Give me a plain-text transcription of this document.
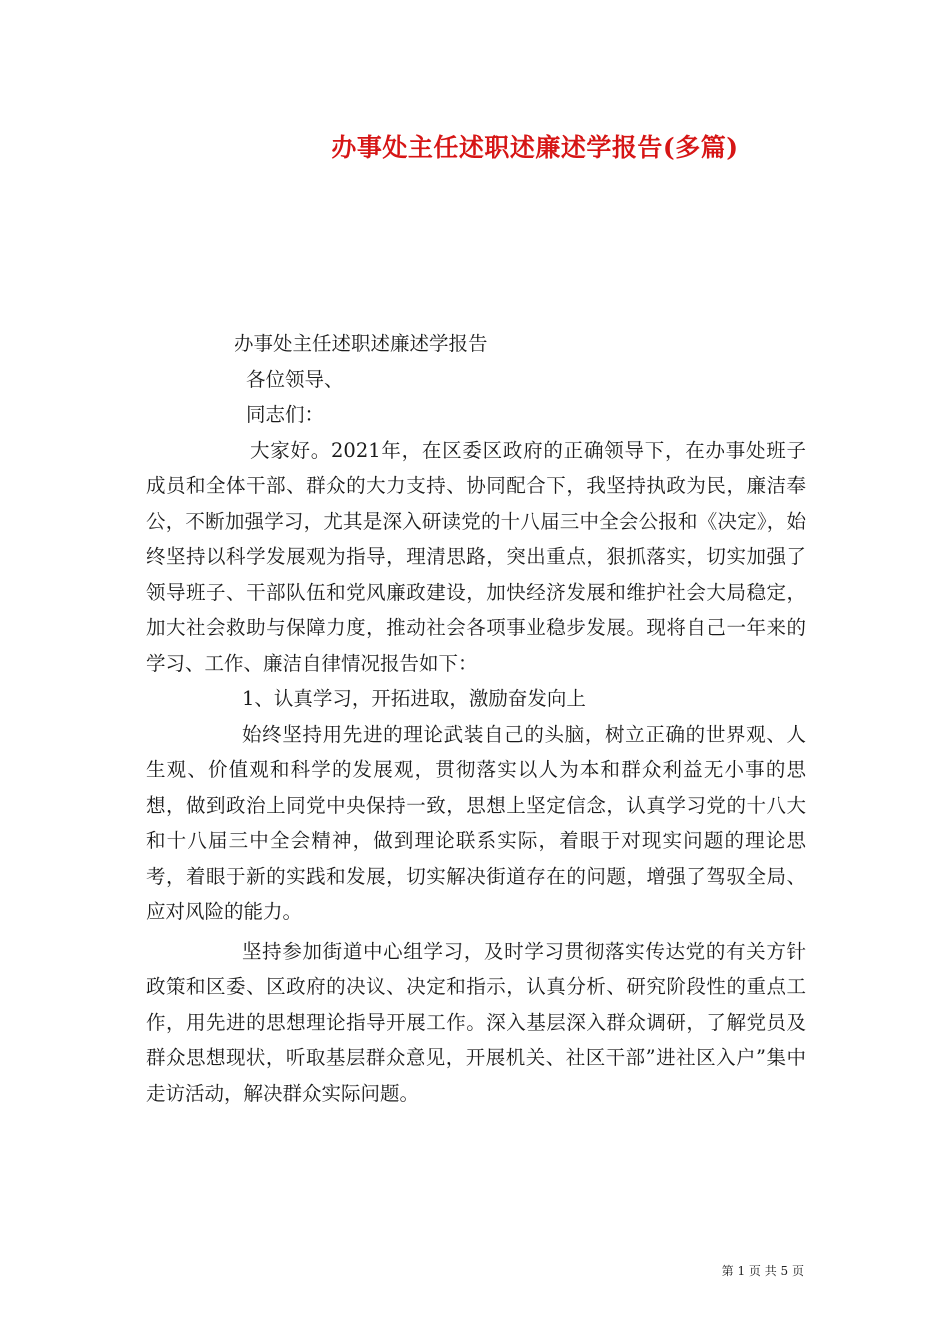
办事处主任述职述廉述学报告(多篇)

办事处主任述职述廉述学报告

各位领导、

同志们：

大家好。2021年，在区委区政府的正确领导下，在办事处班子成员和全体干部、群众的大力支持、协同配合下，我坚持执政为民，廉洁奉公，不断加强学习，尤其是深入研读党的十八届三中全会公报和《决定》，始终坚持以科学发展观为指导，理清思路，突出重点，狠抓落实，切实加强了领导班子、干部队伍和党风廉政建设，加快经济发展和维护社会大局稳定，加大社会救助与保障力度，推动社会各项事业稳步发展。现将自己一年来的学习、工作、廉洁自律情况报告如下：

1、认真学习，开拓进取，激励奋发向上

始终坚持用先进的理论武装自己的头脑，树立正确的世界观、人生观、价值观和科学的发展观，贯彻落实以人为本和群众利益无小事的思想，做到政治上同党中央保持一致，思想上坚定信念，认真学习党的十八大和十八届三中全会精神，做到理论联系实际，着眼于对现实问题的理论思考，着眼于新的实践和发展，切实解决街道存在的问题，增强了驾驭全局、应对风险的能力。

坚持参加街道中心组学习，及时学习贯彻落实传达党的有关方针政策和区委、区政府的决议、决定和指示，认真分析、研究阶段性的重点工作，用先进的思想理论指导开展工作。深入基层深入群众调研，了解党员及群众思想现状，听取基层群众意见，开展机关、社区干部”进社区入户”集中走访活动，解决群众实际问题。

第 1 页 共 5 页
